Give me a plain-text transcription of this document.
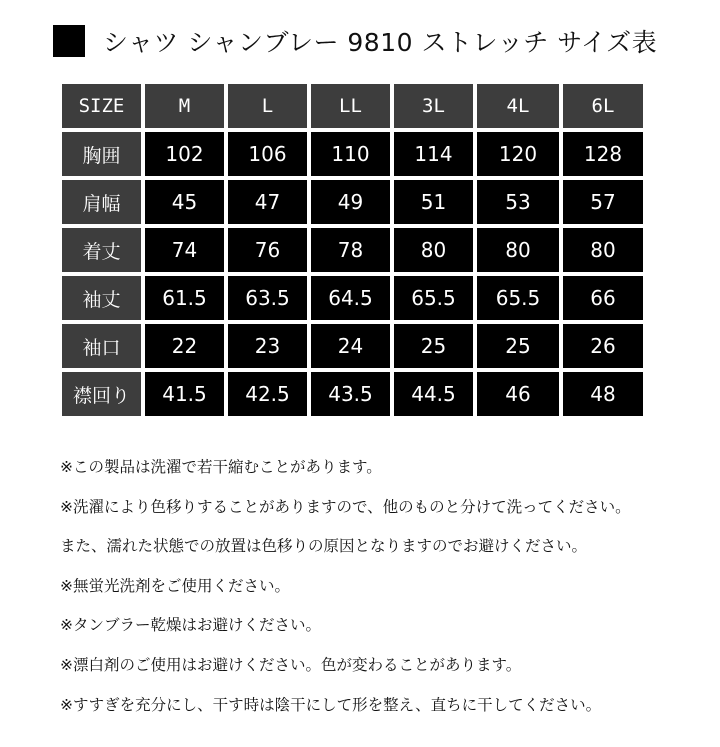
シャツ シャンブレー 9810 ストレッチ サイズ表
SIZE	M	L	LL	3L	4L	6L
胸囲	102	106	110	114	120	128
肩幅	45	47	49	51	53	57
着丈	74	76	78	80	80	80
袖丈	61.5	63.5	64.5	65.5	65.5	66
袖口	22	23	24	25	25	26
襟回り	41.5	42.5	43.5	44.5	46	48
※この製品は洗濯で若干縮むことがあります。
※洗濯により色移りすることがありますので、他のものと分けて洗ってください。
また、濡れた状態での放置は色移りの原因となりますのでお避けください。
※無蛍光洗剤をご使用ください。
※タンブラー乾燥はお避けください。
※漂白剤のご使用はお避けください。色が変わることがあります。
※すすぎを充分にし、干す時は陰干にして形を整え、直ちに干してください。
